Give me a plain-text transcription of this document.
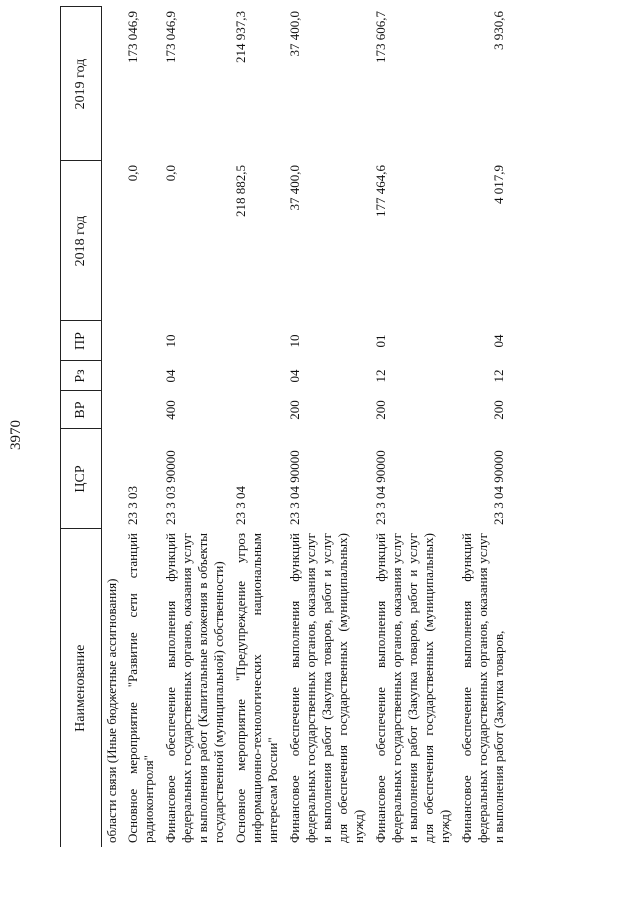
3970
Наименование	ЦСР	ВР	Рз	ПР	2018 год	2019 год
области связи (Иные бюджетные ассигнования)						
Основное мероприятие "Развитие сети станций радиоконтроля"	23 3 03				0,0	173 046,9
Финансовое обеспечение выполнения функций федеральных государственных органов, оказания услуг и выполнения работ (Капитальные вложения в объекты государственной (муниципальной) собственности)	23 3 03 90000	400	04	10	0,0	173 046,9
Основное мероприятие "Предупреждение угроз информационно-технологических национальным интересам России"	23 3 04				218 882,5	214 937,3
Финансовое обеспечение выполнения функций федеральных государственных органов, оказания услуг и выполнения работ (Закупка товаров, работ и услуг для обеспечения государственных (муниципальных) нужд)	23 3 04 90000	200	04	10	37 400,0	37 400,0
Финансовое обеспечение выполнения функций федеральных государственных органов, оказания услуг и выполнения работ (Закупка товаров, работ и услуг для обеспечения государственных (муниципальных) нужд)	23 3 04 90000	200	12	01	177 464,6	173 606,7
Финансовое обеспечение выполнения функций федеральных государственных органов, оказания услуг и выполнения работ (Закупка товаров,	23 3 04 90000	200	12	04	4 017,9	3 930,6
